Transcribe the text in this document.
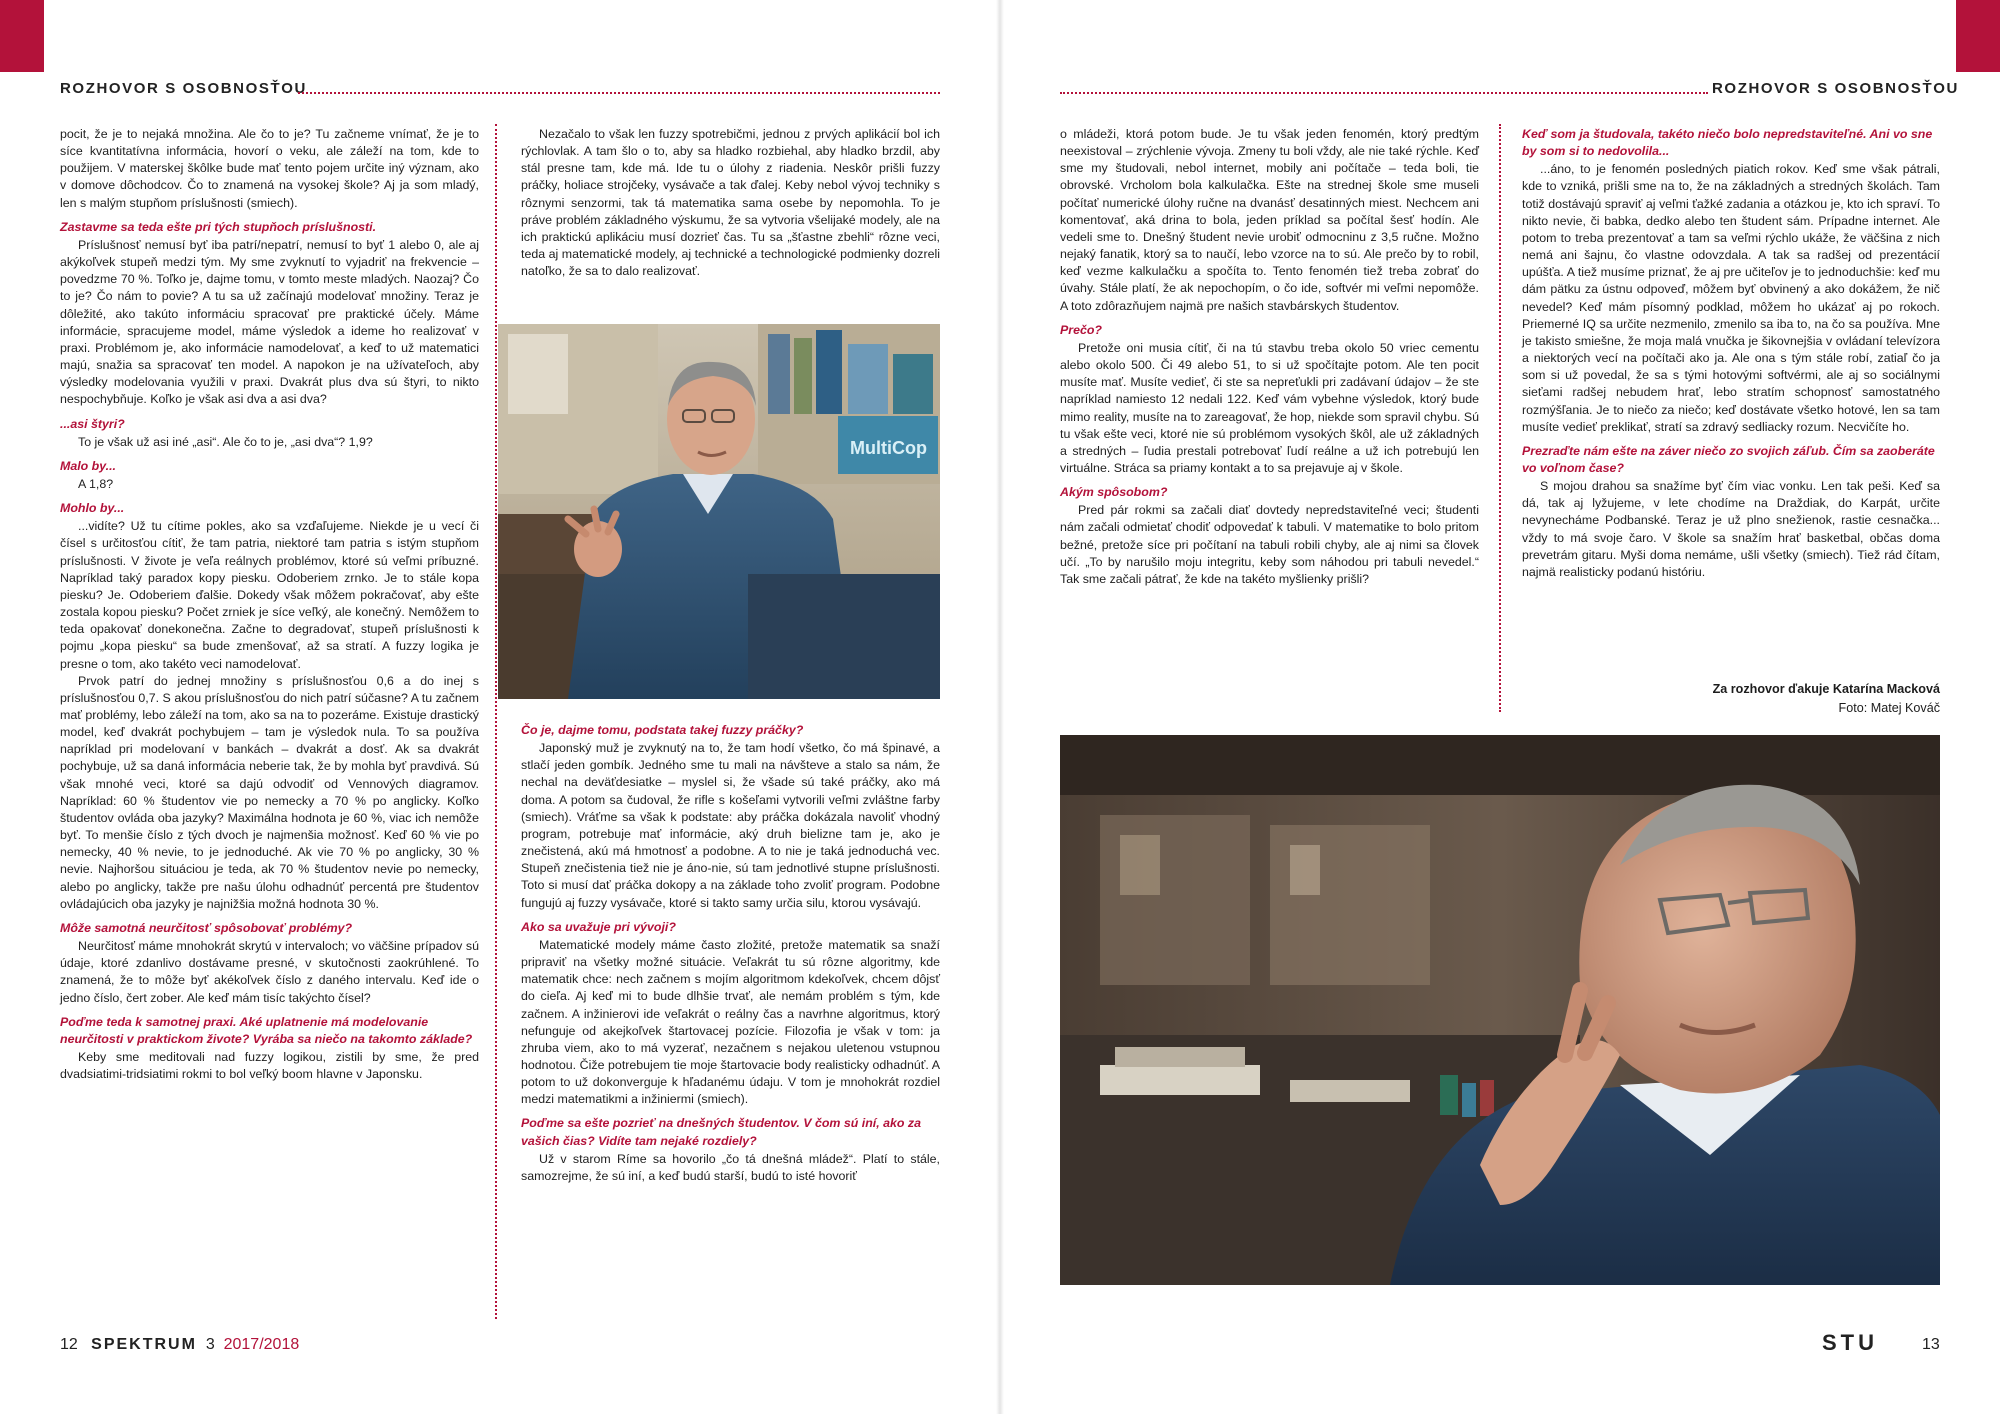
ROZHOVOR S OSOBNOSŤOU

pocit, že je to nejaká množina. Ale čo to je? Tu začneme vnímať, že je to síce kvantitatívna informácia, hovorí o veku, ale záleží na tom, kde to použijem. V materskej škôlke bude mať tento pojem určite iný význam, ako v domove dôchodcov. Čo to znamená na vysokej škole? Aj ja som mladý, len s malým stupňom príslušnosti (smiech).

Zastavme sa teda ešte pri tých stupňoch príslušnosti.

Príslušnosť nemusí byť iba patrí/nepatrí, nemusí to byť 1 alebo 0, ale aj akýkoľvek stupeň medzi tým. My sme zvyknutí to vyjadriť na frekvencie – povedzme 70 %. Toľko je, dajme tomu, v tomto meste mladých. Naozaj? Čo to je? Čo nám to povie? A tu sa už začínajú modelovať množiny. Teraz je dôležité, ako takúto informáciu spracovať pre praktické účely. Máme informácie, spracujeme model, máme výsledok a ideme ho realizovať v praxi. Problémom je, ako informácie namodelovať, a keď to už matematici majú, snažia sa spracovať ten model. A napokon je na užívateľoch, aby výsledky modelovania využili v praxi. Dvakrát plus dva sú štyri, to nikto nespochybňuje. Koľko je však asi dva a asi dva?

...asi štyri?

To je však už asi iné „asi“. Ale čo to je, „asi dva“? 1,9?

Malo by...

A 1,8?

Mohlo by...

...vidíte? Už tu cítime pokles, ako sa vzďaľujeme. Niekde je u vecí či čísel s určitosťou cítiť, že tam patria, niektoré tam patria s istým stupňom príslušnosti. V živote je veľa reálnych problémov, ktoré sú veľmi príbuzné. Napríklad taký paradox kopy piesku. Odoberiem zrnko. Je to stále kopa piesku? Je. Odoberiem ďalšie. Dokedy však môžem pokračovať, aby ešte zostala kopou piesku? Počet zrniek je síce veľký, ale konečný. Nemôžem to teda opakovať donekonečna. Začne to degradovať, stupeň príslušnosti k pojmu „kopa piesku“ sa bude zmenšovať, až sa stratí. A fuzzy logika je presne o tom, ako takéto veci namodelovať.

Prvok patrí do jednej množiny s príslušnosťou 0,6 a do inej s príslušnosťou 0,7. S akou príslušnosťou do nich patrí súčasne? A tu začnem mať problémy, lebo záleží na tom, ako sa na to pozeráme. Existuje drastický model, keď dvakrát pochybujem – tam je výsledok nula. To sa používa napríklad pri modelovaní v bankách – dvakrát a dosť. Ak sa dvakrát pochybuje, už sa daná informácia neberie tak, že by mohla byť pravdivá. Sú však mnohé veci, ktoré sa dajú odvodiť od Vennových diagramov. Napríklad: 60 % študentov vie po nemecky a 70 % po anglicky. Koľko študentov ovláda oba jazyky? Maximálna hodnota je 60 %, viac ich nemôže byť. To menšie číslo z tých dvoch je najmenšia možnosť. Keď 60 % vie po nemecky, 40 % nevie, to je jednoduché. Ak vie 70 % po anglicky, 30 % nevie. Najhoršou situáciou je teda, ak 70 % študentov nevie po nemecky, alebo po anglicky, takže pre našu úlohu odhadnúť percentá pre študentov ovládajúcich oba jazyky je najnižšia možná hodnota 30 %.

Môže samotná neurčitosť spôsobovať problémy?

Neurčitosť máme mnohokrát skrytú v intervaloch; vo väčšine prípadov sú údaje, ktoré zdanlivo dostávame presné, v skutočnosti zaokrúhlené. To znamená, že to môže byť akékoľvek číslo z daného intervalu. Keď ide o jedno číslo, čert zober. Ale keď mám tisíc takýchto čísel?

Poďme teda k samotnej praxi. Aké uplatnenie má modelovanie neurčitosti v praktickom živote? Vyrába sa niečo na takomto základe?

Keby sme meditovali nad fuzzy logikou, zistili by sme, že pred dvadsiatimi-tridsiatimi rokmi to bol veľký boom hlavne v Japonsku.

Nezačalo to však len fuzzy spotrebičmi, jednou z prvých aplikácií bol ich rýchlovlak. A tam šlo o to, aby sa hladko rozbiehal, aby hladko brzdil, aby stál presne tam, kde má. Ide tu o úlohy z riadenia. Neskôr prišli fuzzy práčky, holiace strojčeky, vysávače a tak ďalej. Keby nebol vývoj techniky s rôznymi senzormi, tak tá matematika sama osebe by nepomohla. To je práve problém základného výskumu, že sa vytvoria všelijaké modely, ale na ich praktickú aplikáciu musí dozrieť čas. Tu sa „šťastne zbehli“ rôzne veci, teda aj matematické modely, aj technické a technologické podmienky dozreli natoľko, že sa to dalo realizovať.

MultiCop

Čo je, dajme tomu, podstata takej fuzzy práčky?

Japonský muž je zvyknutý na to, že tam hodí všetko, čo má špinavé, a stlačí jeden gombík. Jedného sme tu mali na návšteve a stalo sa nám, že nechal na deväťdesiatke – myslel si, že všade sú také práčky, ako má doma. A potom sa čudoval, že rifle s košeľami vytvorili veľmi zvláštne farby (smiech). Vráťme sa však k podstate: aby práčka dokázala navoliť vhodný program, potrebuje mať informácie, aký druh bielizne tam je, ako je znečistená, akú má hmotnosť a podobne. A to nie je taká jednoduchá vec. Stupeň znečistenia tiež nie je áno-nie, sú tam jednotlivé stupne príslušnosti. Toto si musí dať práčka dokopy a na základe toho zvoliť program. Podobne fungujú aj fuzzy vysávače, ktoré si takto samy určia silu, ktorou vysávajú.

Ako sa uvažuje pri vývoji?

Matematické modely máme často zložité, pretože matematik sa snaží pripraviť na všetky možné situácie. Veľakrát tu sú rôzne algoritmy, kde matematik chce: nech začnem s mojím algoritmom kdekoľvek, chcem dôjsť do cieľa. Aj keď mi to bude dlhšie trvať, ale nemám problém s tým, kde začnem. A inžinierovi ide veľakrát o reálny čas a navrhne algoritmus, ktorý nefunguje od akejkoľvek štartovacej pozície. Filozofia je však v tom: ja zhruba viem, ako to má vyzerať, nezačnem s nejakou uletenou vstupnou hodnotou. Čiže potrebujem tie moje štartovacie body realisticky odhadnúť. A potom to už dokonverguje k hľadanému údaju. V tom je mnohokrát rozdiel medzi matematikmi a inžiniermi (smiech).

Poďme sa ešte pozrieť na dnešných študentov. V čom sú iní, ako za vašich čias? Vidíte tam nejaké rozdiely?

Už v starom Ríme sa hovorilo „čo tá dnešná mládež“. Platí to stále, samozrejme, že sú iní, a keď budú starší, budú to isté hovoriť

12 SPEKTRUM 3 2017/2018
ROZHOVOR S OSOBNOSŤOU

o mládeži, ktorá potom bude. Je tu však jeden fenomén, ktorý predtým neexistoval – zrýchlenie vývoja. Zmeny tu boli vždy, ale nie také rýchle. Keď sme my študovali, nebol internet, mobily ani počítače – teda boli, tie obrovské. Vrcholom bola kalkulačka. Ešte na strednej škole sme museli počítať numerické úlohy ručne na dvanásť desatinných miest. Nechcem ani komentovať, aká drina to bola, jeden príklad sa počítal šesť hodín. Ale vedeli sme to. Dnešný študent nevie urobiť odmocninu z 3,5 ručne. Možno nejaký fanatik, ktorý sa to naučí, lebo vzorce na to sú. Ale prečo by to robil, keď vezme kalkulačku a spočíta to. Tento fenomén tiež treba zobrať do úvahy. Stále platí, že ak nepochopím, o čo ide, softvér mi veľmi nepomôže. A toto zdôrazňujem najmä pre našich stavbárskych študentov.

Prečo?

Pretože oni musia cítiť, či na tú stavbu treba okolo 50 vriec cementu alebo okolo 500. Či 49 alebo 51, to si už spočítajte potom. Ale ten pocit musíte mať. Musíte vedieť, či ste sa nepreťukli pri zadávaní údajov – že ste napríklad namiesto 12 nedali 122. Keď vám vybehne výsledok, ktorý bude mimo reality, musíte na to zareagovať, že hop, niekde som spravil chybu. Sú tu však ešte veci, ktoré nie sú problémom vysokých škôl, ale už základných a stredných – ľudia prestali potrebovať ľudí reálne a už ich potrebujú len virtuálne. Stráca sa priamy kontakt a to sa prejavuje aj v škole.

Akým spôsobom?

Pred pár rokmi sa začali diať dovtedy nepredstaviteľné veci; študenti nám začali odmietať chodiť odpovedať k tabuli. V matematike to bolo pritom bežné, pretože síce pri počítaní na tabuli robili chyby, ale aj nimi sa človek učí. „To by narušilo moju integritu, keby som náhodou pri tabuli nevedel.“ Tak sme začali pátrať, že kde na takéto myšlienky prišli?

Keď som ja študovala, takéto niečo bolo nepredstaviteľné. Ani vo sne by som si to nedovolila...

...áno, to je fenomén posledných piatich rokov. Keď sme však pátrali, kde to vzniká, prišli sme na to, že na základných a stredných školách. Tam totiž dostávajú spraviť aj veľmi ťažké zadania a otázkou je, kto ich spraví. To nikto nevie, či babka, dedko alebo ten študent sám. Prípadne internet. Ale potom to treba prezentovať a tam sa veľmi rýchlo ukáže, že väčšina z nich nemá ani šajnu, čo vlastne odovzdala. A tak sa radšej od prezentácií upúšťa. A tiež musíme priznať, že aj pre učiteľov je to jednoduchšie: keď mu dám pätku za ústnu odpoveď, môžem byť obvinený a ako dokážem, že nič nevedel? Keď mám písomný podklad, môžem ho ukázať aj po rokoch. Priemerné IQ sa určite nezmenilo, zmenilo sa iba to, na čo sa používa. Mne je takisto smiešne, že moja malá vnučka je šikovnejšia v ovládaní televízora a niektorých vecí na počítači ako ja. Ale ona s tým stále robí, zatiaľ čo ja som si už povedal, že sa s tými hotovými softvérmi, ale aj so sociálnymi sieťami radšej nebudem hrať, lebo stratím schopnosť samostatného rozmýšľania. Je to niečo za niečo; keď dostávate všetko hotové, len sa tam musíte vedieť preklikať, stratí sa zdravý sedliacky rozum. Necvičíte ho.

Prezraďte nám ešte na záver niečo zo svojich záľub. Čím sa zaoberáte vo voľnom čase?

S mojou drahou sa snažíme byť čím viac vonku. Len tak peši. Keď sa dá, tak aj lyžujeme, v lete chodíme na Draždiak, do Karpát, určite nevynecháme Podbanské. Teraz je už plno snežienok, rastie cesnačka... vždy to má svoje čaro. V škole sa snažím hrať basketbal, občas doma prevetrám gitaru. Myši doma nemáme, ušli všetky (smiech). Tiež rád čítam, najmä realisticky podanú históriu.

Za rozhovor ďakuje Katarína Macková
Foto: Matej Kováč
STU	13
